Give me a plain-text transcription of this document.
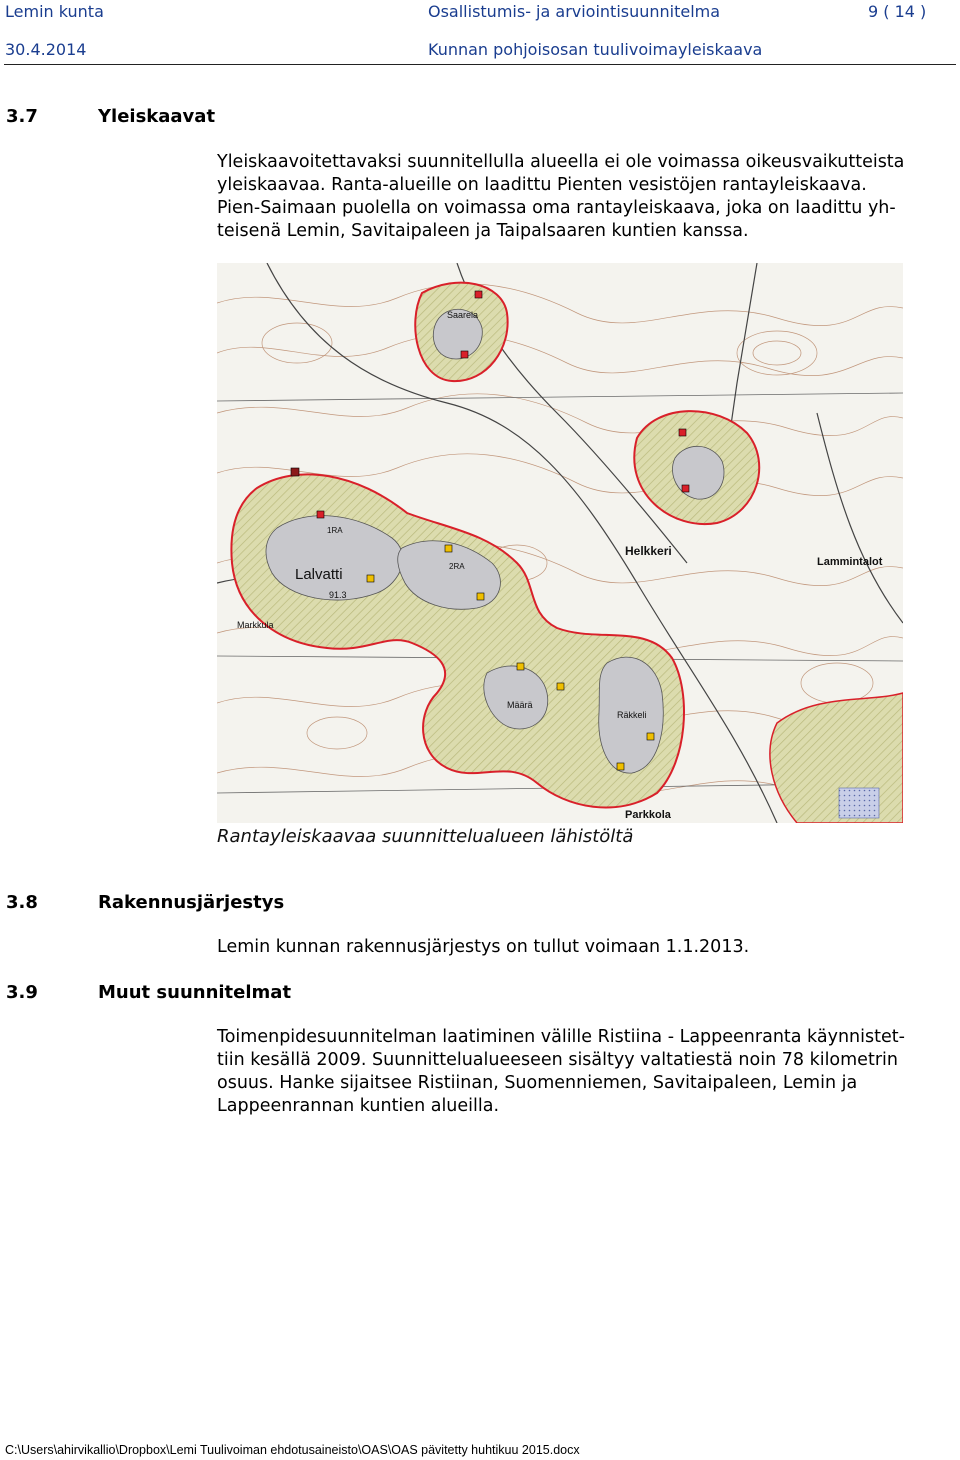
Lemin kunta	Osallistumis- ja arviointisuunnitelma	9 ( 14 )
30.4.2014	Kunnan pohjoisosan tuulivoimayleiskaava
3.7	Yleiskaavat

Yleiskaavoitettavaksi suunnitellulla alueella ei ole voimassa oikeusvaikutteista

yleiskaavaa. Ranta-alueille on laadittu Pienten vesistöjen rantayleiskaava.

Pien-Saimaan puolella on voimassa oma rantayleiskaava, joka on laadittu yh-

teisenä Lemin, Savitaipaleen ja Taipalsaaren kuntien kanssa.

Lalvatti
Helkkeri
Lammintalot
Parkkola
Määrä
Räkkeli
Saarela
1RA
2RA
91.3
Markkula
Rantayleiskaavaa suunnittelualueen lähistöltä
3.8	Rakennusjärjestys
Lemin kunnan rakennusjärjestys on tullut voimaan 1.1.2013.
3.9	Muut suunnitelmat

Toimenpidesuunnitelman laatiminen välille Ristiina - Lappeenranta käynnistet-

tiin kesällä 2009. Suunnittelualueeseen sisältyy valtatiestä noin 78 kilometrin

osuus. Hanke sijaitsee Ristiinan, Suomenniemen, Savitaipaleen, Lemin ja

Lappeenrannan kuntien alueilla.

C:\Users\ahirvikallio\Dropbox\Lemi Tuulivoiman ehdotusaineisto\OAS\OAS pävitetty huhtikuu 2015.docx
